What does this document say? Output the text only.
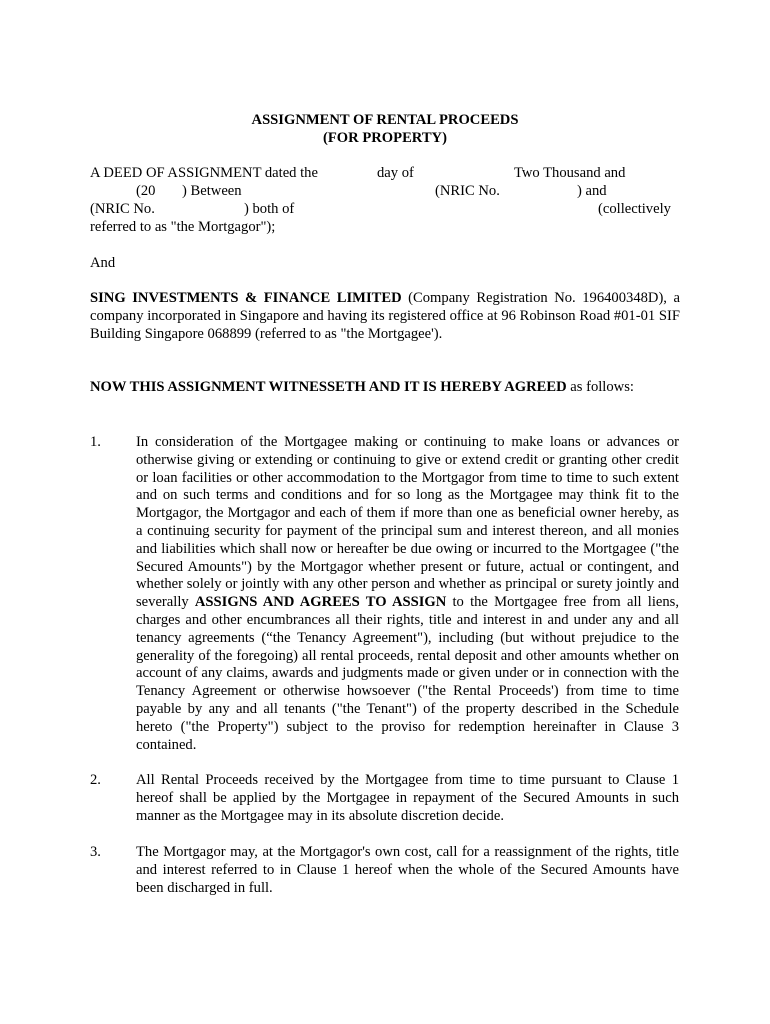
ASSIGNMENT OF RENTAL PROCEEDS
(FOR PROPERTY)
A DEED OF ASSIGNMENT dated the	day of	Two Thousand and
(20 ) Between	(NRIC No.	) and
(NRIC No.	) both of	(collectively
referred to as "the Mortgagor");
And
SING INVESTMENTS & FINANCE LIMITED (Company Registration No. 196400348D), a company incorporated in Singapore and having its registered office at 96 Robinson Road #01-01 SIF Building Singapore 068899 (referred to as "the Mortgagee').
NOW THIS ASSIGNMENT WITNESSETH AND IT IS HEREBY AGREED as follows:
1. In consideration of the Mortgagee making or continuing to make loans or advances or otherwise giving or extending or continuing to give or extend credit or granting other credit or loan facilities or other accommodation to the Mortgagor from time to time to such extent and on such terms and conditions and for so long as the Mortgagee may think fit to the Mortgagor, the Mortgagor and each of them if more than one as beneficial owner hereby, as a continuing security for payment of the principal sum and interest thereon, and all monies and liabilities which shall now or hereafter be due owing or incurred to the Mortgagee ("the Secured Amounts") by the Mortgagor whether present or future, actual or contingent, and whether solely or jointly with any other person and whether as principal or surety jointly and severally ASSIGNS AND AGREES TO ASSIGN to the Mortgagee free from all liens, charges and other encumbrances all their rights, title and interest in and under any and all tenancy agreements (“the Tenancy Agreement"), including (but without prejudice to the generality of the foregoing) all rental proceeds, rental deposit and other amounts whether on account of any claims, awards and judgments made or given under or in connection with the Tenancy Agreement or otherwise howsoever ("the Rental Proceeds') from time to time payable by any and all tenants ("the Tenant") of the property described in the Schedule hereto ("the Property") subject to the proviso for redemption hereinafter in Clause 3 contained.
2. All Rental Proceeds received by the Mortgagee from time to time pursuant to Clause 1 hereof shall be applied by the Mortgagee in repayment of the Secured Amounts in such manner as the Mortgagee may in its absolute discretion decide.
3. The Mortgagor may, at the Mortgagor's own cost, call for a reassignment of the rights, title and interest referred to in Clause 1 hereof when the whole of the Secured Amounts have been discharged in full.
